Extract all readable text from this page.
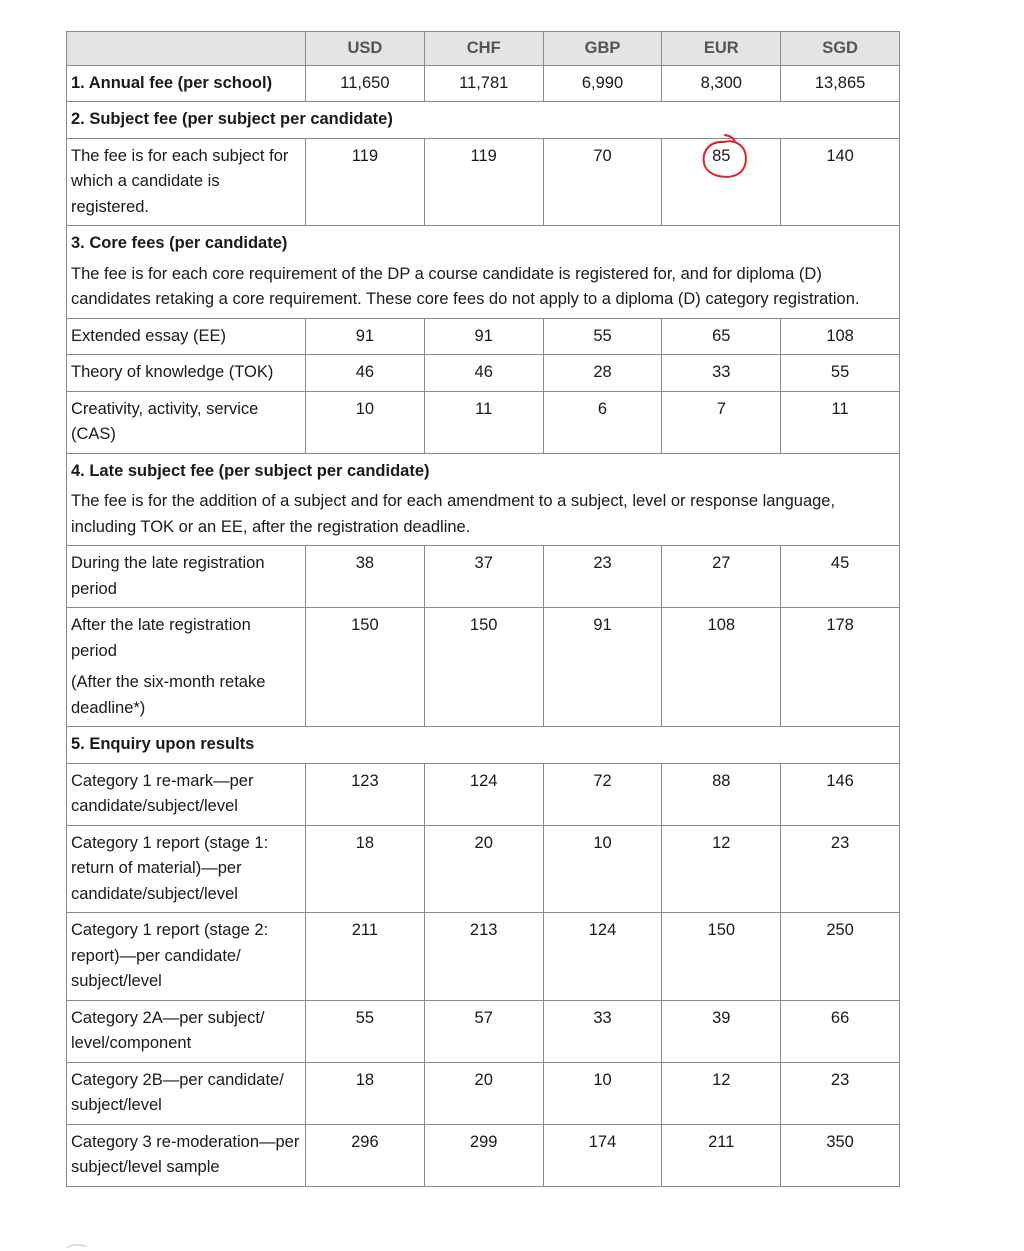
	USD	CHF	GBP	EUR	SGD
1. Annual fee (per school)	11,650	11,781	6,990	8,300	13,865
2. Subject fee (per subject per candidate)					
The fee is for each subject for which a candidate is registered.	119	119	70	85	140

3. Core fees (per candidate)

The fee is for each core requirement of the DP a course candidate is registered for, and for diploma (D) candidates retaking a core requirement. These core fees do not apply to a diploma (D) category registration.					

Extended essay (EE)	91	91	55	65	108
Theory of knowledge (TOK)	46	46	28	33	55
Creativity, activity, service (CAS)	10	11	6	7	11

4. Late subject fee (per subject per candidate)

The fee is for the addition of a subject and for each amendment to a subject, level or response language, including TOK or an EE, after the registration deadline.					

During the late registration period	38	37	23	27	45

After the late registration period

(After the six-month retake deadline*)	150	150	91	108	178
5. Enquiry upon results					
Category 1 re-mark—per candidate/subject/level	123	124	72	88	146
Category 1 report (stage 1: return of material)—per candidate/subject/level	18	20	10	12	23
Category 1 report (stage 2: report)—per candidate/ subject/level	211	213	124	150	250
Category 2A—per subject/ level/component	55	57	33	39	66
Category 2B—per candidate/ subject/level	18	20	10	12	23
Category 3 re-moderation—per subject/level sample	296	299	174	211	350
